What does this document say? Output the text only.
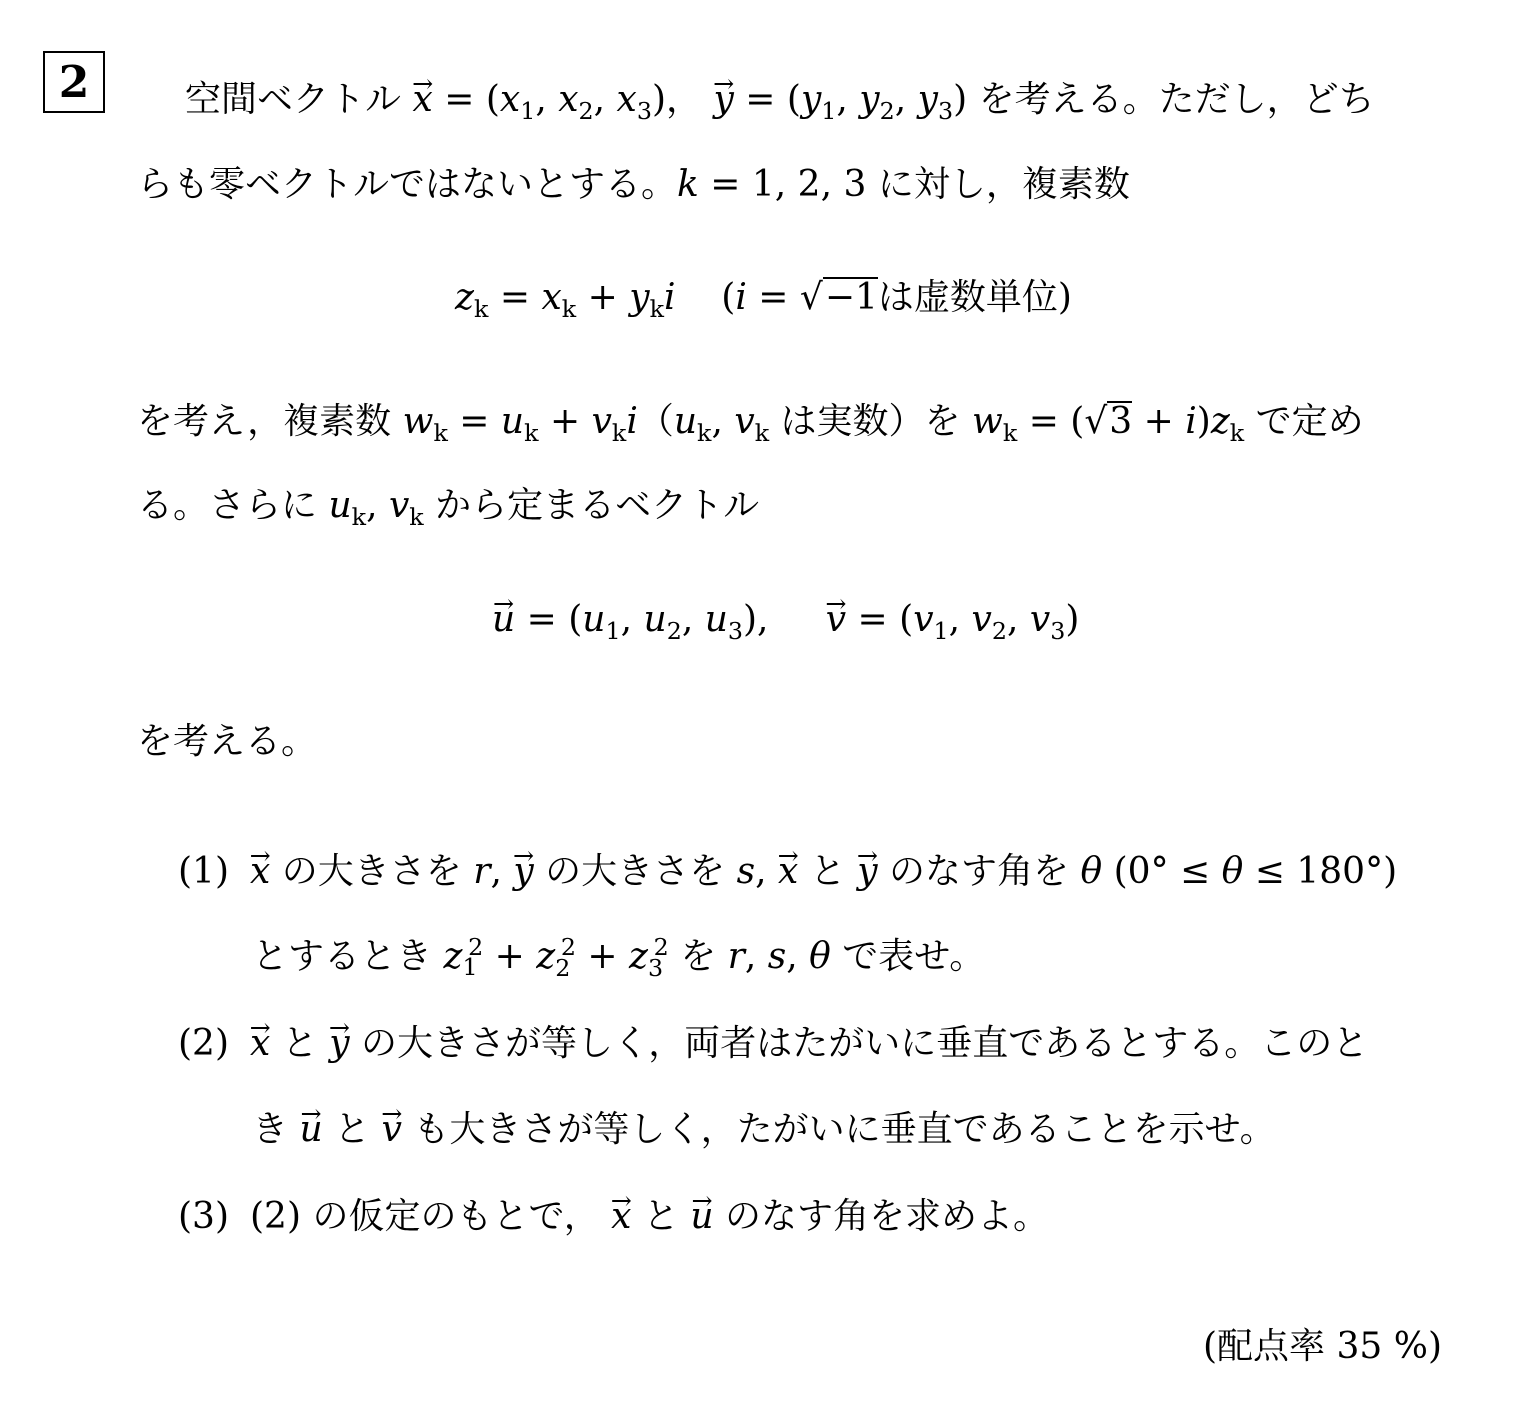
2	空間ベクトル → $x = (x_1$, $x_2$, $x_3$)， → $y = (y_1$, $y_2$, $y_3$) を考える。ただし，どち
らも零ベクトルではないとする。k = 1, 2, 3 に対し，複素数
$z_k = x_k + y_ki$    (i = √−1は虚数単位)
を考え，複素数 $w_k = u_k + v_ki(u_k$, $v_k$ は実数）を $w_k = (√3 + i)z_k$ で定め
る。さらに $u_k$, $v_k$ から定まるベクトル
→ $u = (u_1$, $u_2$, $u_3$),     → $v = (v_1$, $v_2$, $v_3$)
を考える。
(1) → x の大きさを r, → y の大きさを s, → x と → y のなす角を θ (0° ≤ θ ≤ 180°)
とするとき $z_1^2 + z_2^2 + z_3^2$ を r, s, θ で表せ。
(2) → x と → y の大きさが等しく，両者はたがいに垂直であるとする。このと
き → u と → v も大きさが等しく，たがいに垂直であることを示せ。
(3) (2) の仮定のもとで， → x と → u のなす角を求めよ。
(配点率 35 %)
